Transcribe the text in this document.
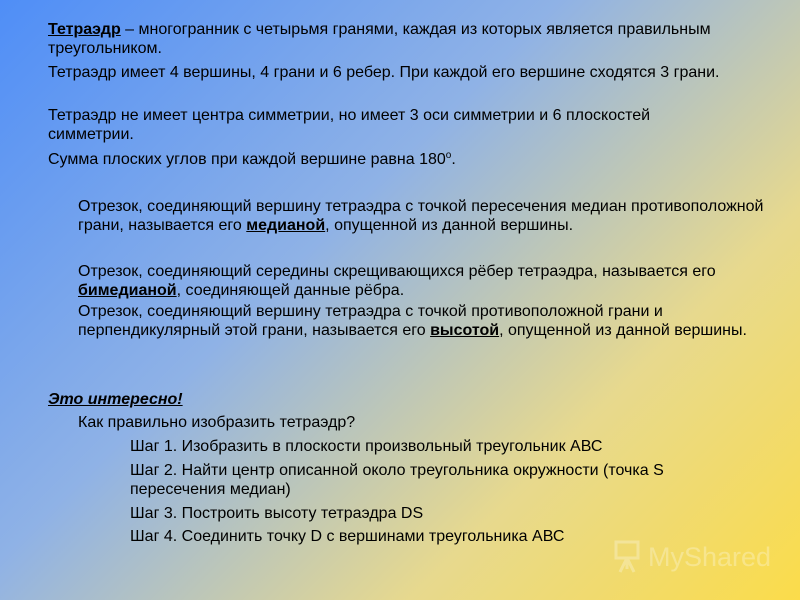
Тетраэдр – многогранник с четырьмя гранями, каждая из которых является правильным треугольником.

Тетраэдр имеет 4 вершины, 4 грани и 6 ребер. При каждой его вершине сходятся 3 грани.

Тетраэдр не имеет центра симметрии, но имеет 3 оси симметрии и 6 плоскостей симметрии.

Сумма плоских углов при каждой вершине равна $180^о$.

Отрезок, соединяющий вершину тетраэдра с точкой пересечения медиан противоположной грани, называется его медианой, опущенной из данной вершины.

Отрезок, соединяющий середины скрещивающихся рёбер тетраэдра, называется его бимедианой, соединяющей данные рёбра.

Отрезок, соединяющий вершину тетраэдра с точкой противоположной грани и перпендикулярный этой грани, называется его высотой, опущенной из данной вершины.

Это интересно!

Как правильно изобразить тетраэдр?

Шаг 1. Изобразить в плоскости произвольный треугольник АВС

Шаг 2. Найти центр описанной около треугольника окружности (точка S пересечения медиан)

Шаг 3. Построить высоту тетраэдра DS

Шаг 4. Соединить точку D с вершинами треугольника АВС

MyShared
